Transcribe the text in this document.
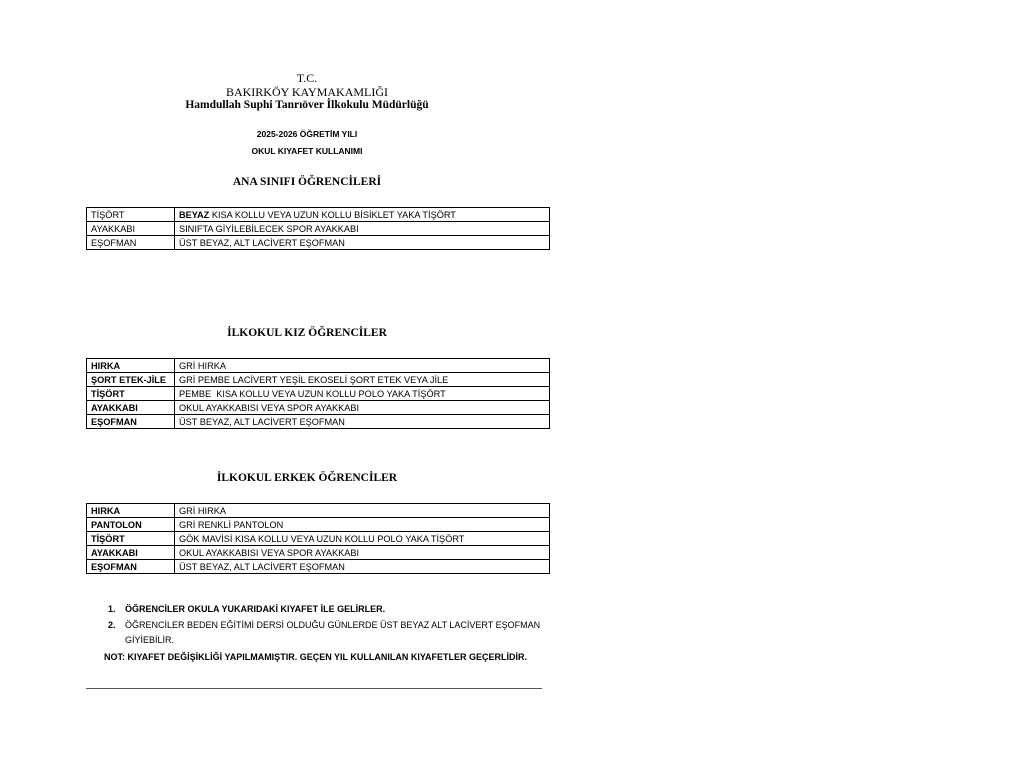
T.C.
BAKIRKÖY KAYMAKAMLIĞI
Hamdullah Suphi Tanrıöver İlkokulu Müdürlüğü
2025-2026 ÖĞRETİM YILI
OKUL KIYAFET KULLANIMI
ANA SINIFI ÖĞRENCİLERİ
TİŞÖRT	BEYAZ KISA KOLLU VEYA UZUN KOLLU BİSİKLET YAKA TİŞÖRT
AYAKKABI	SINIFTA GİYİLEBİLECEK SPOR AYAKKABI
EŞOFMAN	ÜST BEYAZ, ALT LACİVERT EŞOFMAN
İLKOKUL KIZ ÖĞRENCİLER
HIRKA	GRİ HIRKA
ŞORT ETEK-JİLE	GRİ PEMBE LACİVERT YEŞİL EKOSELİ ŞORT ETEK VEYA JİLE
TİŞÖRT	PEMBE  KISA KOLLU VEYA UZUN KOLLU POLO YAKA TİŞÖRT
AYAKKABI	OKUL AYAKKABISI VEYA SPOR AYAKKABI
EŞOFMAN	ÜST BEYAZ, ALT LACİVERT EŞOFMAN
İLKOKUL ERKEK ÖĞRENCİLER
HIRKA	GRİ HIRKA
PANTOLON	GRİ RENKLİ PANTOLON
TİŞÖRT	GÖK MAVİSİ KISA KOLLU VEYA UZUN KOLLU POLO YAKA TİŞÖRT
AYAKKABI	OKUL AYAKKABISI VEYA SPOR AYAKKABI
EŞOFMAN	ÜST BEYAZ, ALT LACİVERT EŞOFMAN
1. ÖĞRENCİLER OKULA YUKARIDAKİ KIYAFET İLE GELİRLER.
2. ÖĞRENCİLER BEDEN EĞİTİMİ DERSİ OLDUĞU GÜNLERDE ÜST BEYAZ ALT LACİVERT EŞOFMAN
GİYİEBİLİR.
NOT: KIYAFET DEĞİŞİKLİĞİ YAPILMAMIŞTIR. GEÇEN YIL KULLANILAN KIYAFETLER GEÇERLİDİR.
